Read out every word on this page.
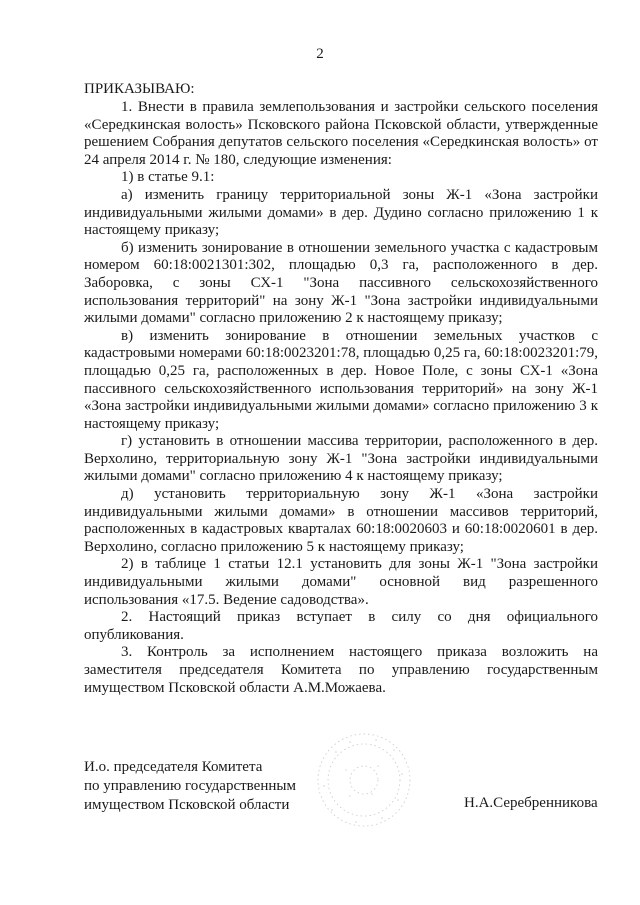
2
ПРИКАЗЫВАЮ:

1. Внести в правила землепользования и застройки сельского поселения «Середкинская волость» Псковского района Псковской области, утвержденные решением Собрания депутатов сельского поселения «Середкинская волость» от 24 апреля 2014 г. № 180, следующие изменения:

1) в статье 9.1:

а) изменить границу территориальной зоны Ж-1 «Зона застройки индивидуальными жилыми домами» в дер. Дудино согласно приложению 1 к настоящему приказу;

б) изменить зонирование в отношении земельного участка с кадастровым номером 60:18:0021301:302, площадью 0,3 га, расположенного в дер. Заборовка, с зоны СХ-1 "Зона пассивного сельскохозяйственного использования территорий" на зону Ж-1 "Зона застройки индивидуальными жилыми домами" согласно приложению 2 к настоящему приказу;

в) изменить зонирование в отношении земельных участков с кадастровыми номерами 60:18:0023201:78, площадью 0,25 га, 60:18:0023201:79, площадью 0,25 га, расположенных в дер. Новое Поле, с зоны СХ-1 «Зона пассивного сельскохозяйственного использования территорий» на зону Ж-1 «Зона застройки индивидуальными жилыми домами» согласно приложению 3 к настоящему приказу;

г) установить в отношении массива территории, расположенного в дер. Верхолино, территориальную зону Ж-1 "Зона застройки индивидуальными жилыми домами" согласно приложению 4 к настоящему приказу;

д) установить территориальную зону Ж-1 «Зона застройки индивидуальными жилыми домами» в отношении массивов территорий, расположенных в кадастровых кварталах 60:18:0020603 и 60:18:0020601 в дер. Верхолино, согласно приложению 5 к настоящему приказу;

2) в таблице 1 статьи 12.1 установить для зоны Ж-1 "Зона застройки индивидуальными жилыми домами" основной вид разрешенного использования «17.5. Ведение садоводства».

2. Настоящий приказ вступает в силу со дня официального опубликования.

3. Контроль за исполнением настоящего приказа возложить на заместителя председателя Комитета по управлению государственным имуществом Псковской области А.М.Можаева.

И.о. председателя Комитета
по управлению государственным
имуществом Псковской области	Н.А.Серебренникова
